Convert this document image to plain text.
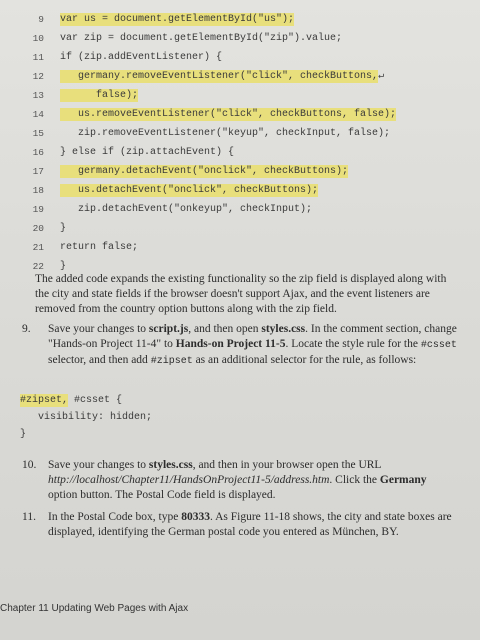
9 var us = document.getElementById("us");
10 var zip = document.getElementById("zip").value;
11 if (zip.addEventListener) {
12 germany.removeEventListener("click", checkButtons,↵
13 false);
14 us.removeEventListener("click", checkButtons, false);
15 zip.removeEventListener("keyup", checkInput, false);
16 } else if (zip.attachEvent) {
17 germany.detachEvent("onclick", checkButtons);
18 us.detachEvent("onclick", checkButtons);
19 zip.detachEvent("onkeyup", checkInput);
20 }
21 return false;
22 }
The added code expands the existing functionality so the zip field is displayed along with the city and state fields if the browser doesn't support Ajax, and the event listeners are removed from the country option buttons along with the zip field.
9. Save your changes to script.js, and then open styles.css. In the comment section, change "Hands-on Project 11-4" to Hands-on Project 11-5. Locate the style rule for the #csset selector, and then add #zipset as an additional selector for the rule, as follows:
#zipset, #csset {
visibility: hidden;
}
10. Save your changes to styles.css, and then in your browser open the URL http://localhost/Chapter11/HandsOnProject11-5/address.htm. Click the Germany option button. The Postal Code field is displayed.
11. In the Postal Code box, type 80333. As Figure 11-18 shows, the city and state boxes are displayed, identifying the German postal code you entered as München, BY.
Chapter 11 Updating Web Pages with Ajax
